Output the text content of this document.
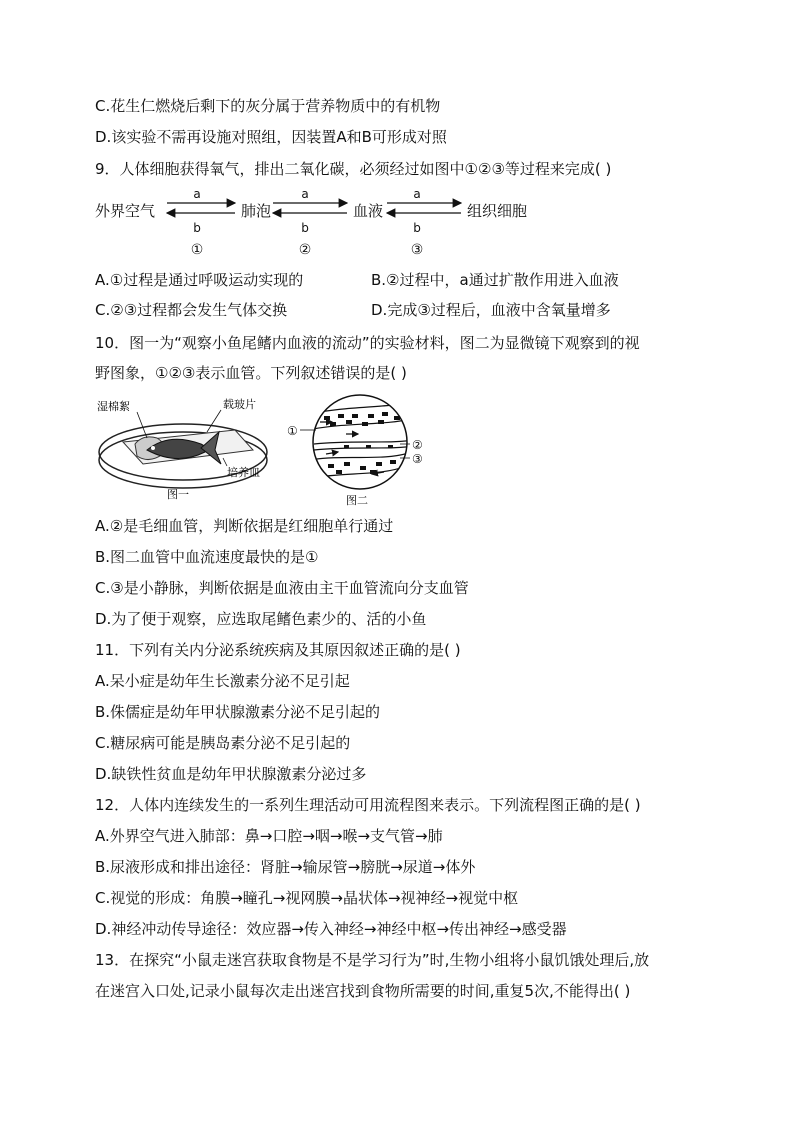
C.花生仁燃烧后剩下的灰分属于营养物质中的有机物
D.该实验不需再设施对照组，因装置A和B可形成对照
9．人体细胞获得氧气，排出二氧化碳，必须经过如图中①②③等过程来完成( )
外界空气	肺泡	血液	组织细胞
a	a	a
b	b	b
①	②	③
A.①过程是通过呼吸运动实现的	B.②过程中，a通过扩散作用进入血液
C.②③过程都会发生气体交换	D.完成③过程后，血液中含氧量增多
10．图一为“观察小鱼尾鳍内血液的流动”的实验材料，图二为显微镜下观察到的视
野图象，①②③表示血管。下列叙述错误的是( )
湿棉絮	载玻片
培养皿
图一
①
②
③
图二
A.②是毛细血管，判断依据是红细胞单行通过
B.图二血管中血流速度最快的是①
C.③是小静脉，判断依据是血液由主干血管流向分支血管
D.为了便于观察，应选取尾鳍色素少的、活的小鱼
11．下列有关内分泌系统疾病及其原因叙述正确的是( )
A.呆小症是幼年生长激素分泌不足引起
B.侏儒症是幼年甲状腺激素分泌不足引起的
C.糖尿病可能是胰岛素分泌不足引起的
D.缺铁性贫血是幼年甲状腺激素分泌过多
12．人体内连续发生的一系列生理活动可用流程图来表示。下列流程图正确的是( )
A.外界空气进入肺部：鼻→口腔→咽→喉→支气管→肺
B.尿液形成和排出途径：肾脏→输尿管→膀胱→尿道→体外
C.视觉的形成：角膜→瞳孔→视网膜→晶状体→视神经→视觉中枢
D.神经冲动传导途径：效应器→传入神经→神经中枢→传出神经→感受器
13．在探究“小鼠走迷宫获取食物是不是学习行为”时,生物小组将小鼠饥饿处理后,放
在迷宫入口处,记录小鼠每次走出迷宫找到食物所需要的时间,重复5次,不能得出( )
